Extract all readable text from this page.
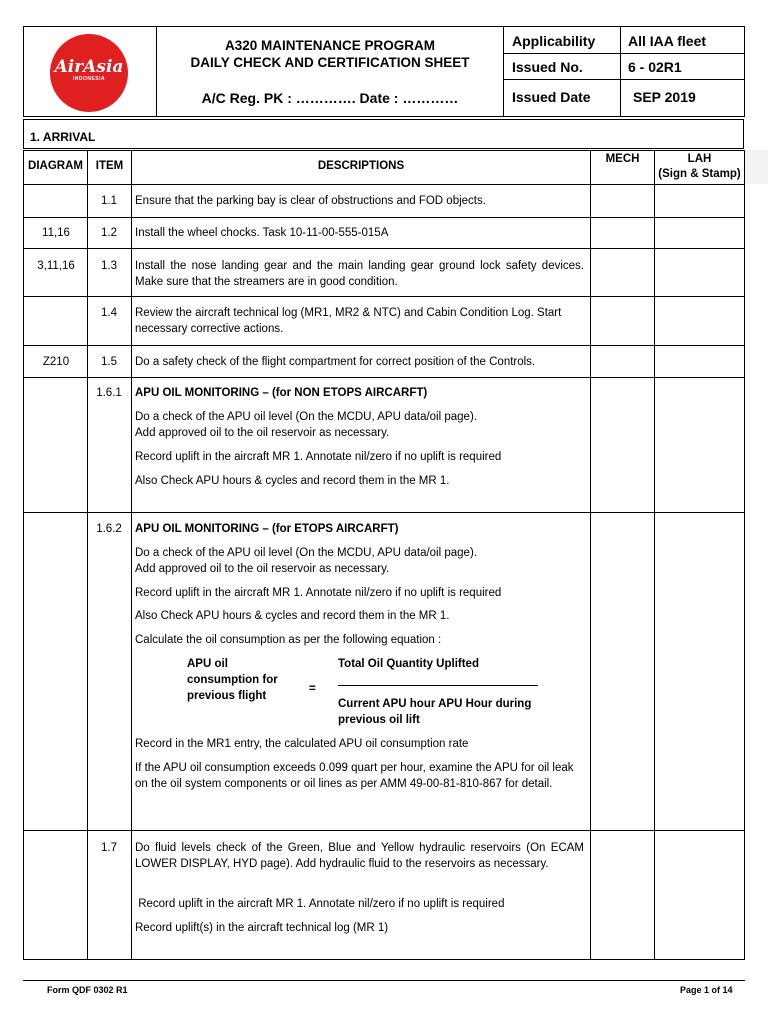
AirAsia
INDONESIA
A320 MAINTENANCE PROGRAM
DAILY CHECK AND CERTIFICATION SHEET
A/C Reg. PK : …………. Date : …………
Applicability All IAA fleet
Issued No.	6 - 02R1
Issued Date	SEP 2019
1. ARRIVAL
DIAGRAM	ITEM	DESCRIPTIONS
MECH	LAH
(Sign & Stamp)
1.1	Ensure that the parking bay is clear of obstructions and FOD objects.
11,16	1.2	Install the wheel chocks. Task 10-11-00-555-015A
3,11,16	1.3	Install the nose landing gear and the main landing gear ground lock safety devices. Make sure that the streamers are in good condition.
1.4	Review the aircraft technical log (MR1, MR2 & NTC) and Cabin Condition Log. Start necessary corrective actions.
Z210	1.5	Do a safety check of the flight compartment for correct position of the Controls.
1.6.1	APU OIL MONITORING – (for NON ETOPS AIRCARFT)
Do a check of the APU oil level (On the MCDU, APU data/oil page).
Add approved oil to the oil reservoir as necessary.
Record uplift in the aircraft MR 1. Annotate nil/zero if no uplift is required
Also Check APU hours & cycles and record them in the MR 1.
1.6.2	APU OIL MONITORING – (for ETOPS AIRCARFT)
Do a check of the APU oil level (On the MCDU, APU data/oil page).
Add approved oil to the oil reservoir as necessary.
Record uplift in the aircraft MR 1. Annotate nil/zero if no uplift is required
Also Check APU hours & cycles and record them in the MR 1.
Calculate the oil consumption as per the following equation :
APU oil
consumption for
previous flight
=
Total Oil Quantity Uplifted
Current APU hour APU Hour during
previous oil lift
Record in the MR1 entry, the calculated APU oil consumption rate
If the APU oil consumption exceeds 0.099 quart per hour, examine the APU for oil leak on the oil system components or oil lines as per AMM 49-00-81-810-867 for detail.
1.7	Do fluid levels check of the Green, Blue and Yellow hydraulic reservoirs (On ECAM LOWER DISPLAY, HYD page). Add hydraulic fluid to the reservoirs as necessary.
Record uplift in the aircraft MR 1. Annotate nil/zero if no uplift is required
Record uplift(s) in the aircraft technical log (MR 1)
Form QDF 0302 R1	Page 1 of 14
